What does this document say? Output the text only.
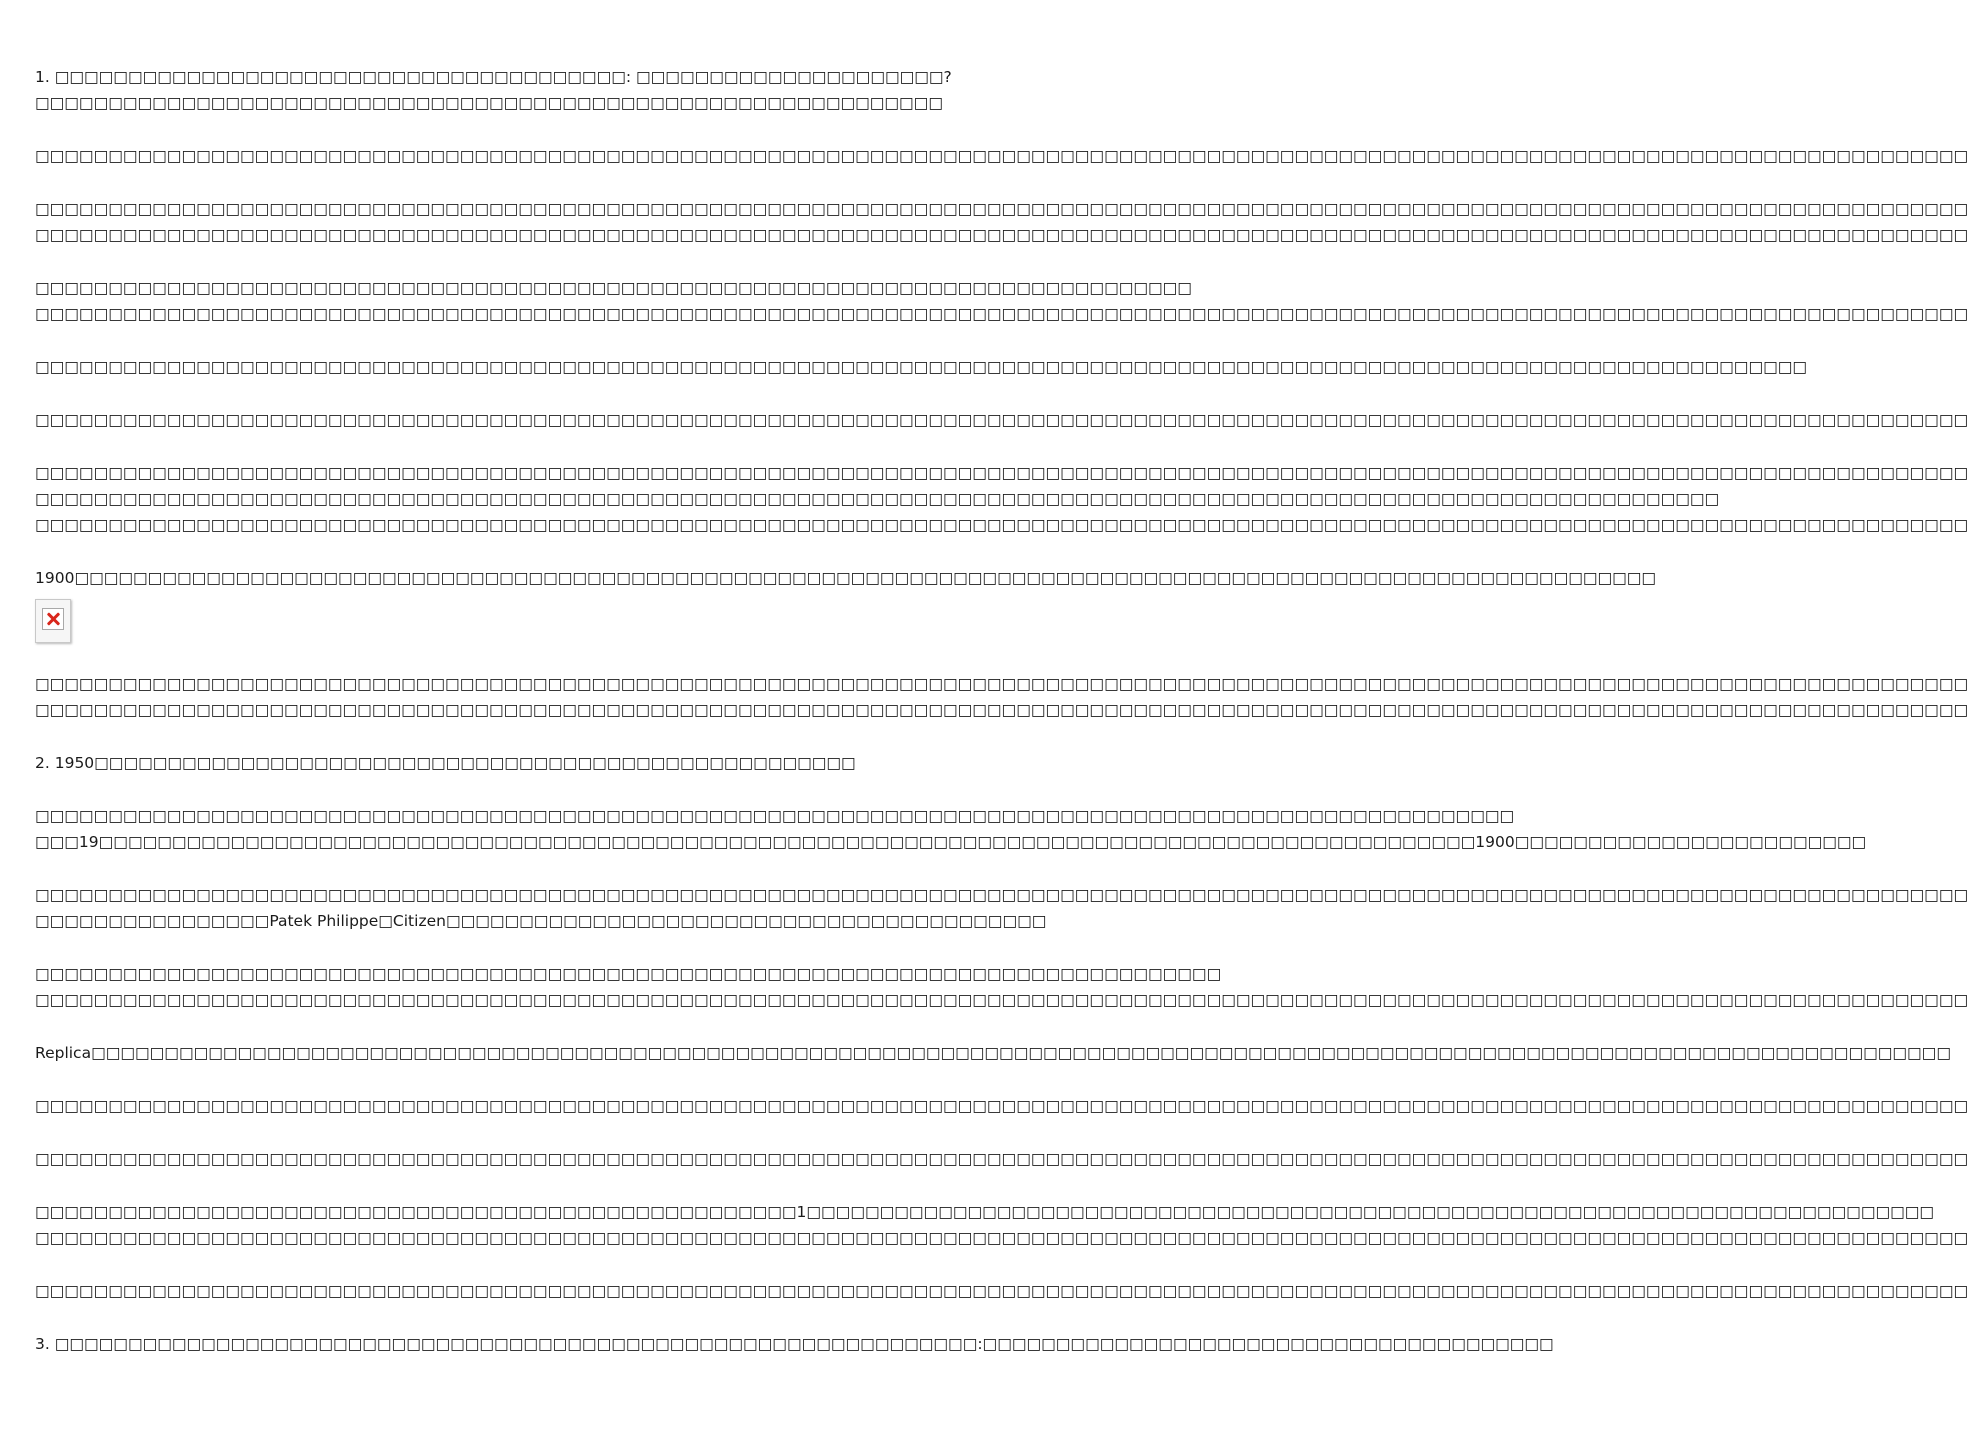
1. □□□□□□□□□□□□□□□□□□□□□□□□□□□□□□□□□□□□□□□: □□□□□□□□□□□□□□□□□□□□□?
□□□□□□□□□□□□□□□□□□□□□□□□□□□□□□□□□□□□□□□□□□□□□□□□□□□□□□□□□□□□□□
□□□□□□□□□□□□□□□□□□□□□□□□□□□□□□□□□□□□□□□□□□□□□□□□□□□□□□□□□□□□□□□□□□□□□□□□□□□□□□□□□□□□□□□□□□□□□□□□□□□□□□□□□□□□□□□□□□□□□□□□□□□□□□□□□□□□
□□□□□□□□□□□□□□□□□□□□□□□□□□□□□□□□□□□□□□□□□□□□□□□□□□□□□□□□□□□□□□□□□□□□□□□□□□□□□□□□□□□□□□□□□□□□□□□□□□□□□□□□□□□□□□□□□□□□□□□□□□□□□□□□□□□□
□□□□□□□□□□□□□□□□□□□□□□□□□□□□□□□□□□□□□□□□□□□□□□□□□□□□□□□□□□□□□□□□□□□□□□□□□□□□□□□□□□□□□□□□□□□□□□□□□□□□□□□□□□□□□□□□□□□□□□□□□□□□□□□□□□□□
□□□□□□□□□□□□□□□□□□□□□□□□□□□□□□□□□□□□□□□□□□□□□□□□□□□□□□□□□□□□□□□□□□□□□□□□□□□□□□□
□□□□□□□□□□□□□□□□□□□□□□□□□□□□□□□□□□□□□□□□□□□□□□□□□□□□□□□□□□□□□□□□□□□□□□□□□□□□□□□□□□□□□□□□□□□□□□□□□□□□□□□□□□□□□□□□□□□□□□□□□□□□□□□□□□□□
□□□□□□□□□□□□□□□□□□□□□□□□□□□□□□□□□□□□□□□□□□□□□□□□□□□□□□□□□□□□□□□□□□□□□□□□□□□□□□□□□□□□□□□□□□□□□□□□□□□□□□□□□□□□□□□□□□□□□□□□□
□□□□□□□□□□□□□□□□□□□□□□□□□□□□□□□□□□□□□□□□□□□□□□□□□□□□□□□□□□□□□□□□□□□□□□□□□□□□□□□□□□□□□□□□□□□□□□□□□□□□□□□□□□□□□□□□□□□□□□□□□□□□□□□□□□□□
□□□□□□□□□□□□□□□□□□□□□□□□□□□□□□□□□□□□□□□□□□□□□□□□□□□□□□□□□□□□□□□□□□□□□□□□□□□□□□□□□□□□□□□□□□□□□□□□□□□□□□□□□□□□□□□□□□□□□□□□□□□□□□□□□□□□
□□□□□□□□□□□□□□□□□□□□□□□□□□□□□□□□□□□□□□□□□□□□□□□□□□□□□□□□□□□□□□□□□□□□□□□□□□□□□□□□□□□□□□□□□□□□□□□□□□□□□□□□□□□□□□□□□□□
□□□□□□□□□□□□□□□□□□□□□□□□□□□□□□□□□□□□□□□□□□□□□□□□□□□□□□□□□□□□□□□□□□□□□□□□□□□□□□□□□□□□□□□□□□□□□□□□□□□□□□□□□□□□□□□□□□□□□□□□□□□□□□□□□□□□
1900□□□□□□□□□□□□□□□□□□□□□□□□□□□□□□□□□□□□□□□□□□□□□□□□□□□□□□□□□□□□□□□□□□□□□□□□□□□□□□□□□□□□□□□□□□□□□□□□□□□□□□□□□□□□
□□□□□□□□□□□□□□□□□□□□□□□□□□□□□□□□□□□□□□□□□□□□□□□□□□□□□□□□□□□□□□□□□□□□□□□□□□□□□□□□□□□□□□□□□□□□□□□□□□□□□□□□□□□□□□□□□□□□□□□□□□□□□□□□□□□□
□□□□□□□□□□□□□□□□□□□□□□□□□□□□□□□□□□□□□□□□□□□□□□□□□□□□□□□□□□□□□□□□□□□□□□□□□□□□□□□□□□□□□□□□□□□□□□□□□□□□□□□□□□□□□□□□□□□□□□□□□□□□□□□□□□□□
2. 1950□□□□□□□□□□□□□□□□□□□□□□□□□□□□□□□□□□□□□□□□□□□□□□□□□□□□
□□□□□□□□□□□□□□□□□□□□□□□□□□□□□□□□□□□□□□□□□□□□□□□□□□□□□□□□□□□□□□□□□□□□□□□□□□□□□□□□□□□□□□□□□□□□□□□□□□□□□
□□□19□□□□□□□□□□□□□□□□□□□□□□□□□□□□□□□□□□□□□□□□□□□□□□□□□□□□□□□□□□□□□□□□□□□□□□□□□□□□□□□□□□□□□□□□□□□□□□1900□□□□□□□□□□□□□□□□□□□□□□□□
□□□□□□□□□□□□□□□□□□□□□□□□□□□□□□□□□□□□□□□□□□□□□□□□□□□□□□□□□□□□□□□□□□□□□□□□□□□□□□□□□□□□□□□□□□□□□□□□□□□□□□□□□□□□□□□□□□□□□□□□□□□□□□□□□□□□
□□□□□□□□□□□□□□□□Patek Philippe□Citizen□□□□□□□□□□□□□□□□□□□□□□□□□□□□□□□□□□□□□□□□□
□□□□□□□□□□□□□□□□□□□□□□□□□□□□□□□□□□□□□□□□□□□□□□□□□□□□□□□□□□□□□□□□□□□□□□□□□□□□□□□□□
□□□□□□□□□□□□□□□□□□□□□□□□□□□□□□□□□□□□□□□□□□□□□□□□□□□□□□□□□□□□□□□□□□□□□□□□□□□□□□□□□□□□□□□□□□□□□□□□□□□□□□□□□□□□□□□□□□□□□□□□□□□□□□□□□□□□
Replica□□□□□□□□□□□□□□□□□□□□□□□□□□□□□□□□□□□□□□□□□□□□□□□□□□□□□□□□□□□□□□□□□□□□□□□□□□□□□□□□□□□□□□□□□□□□□□□□□□□□□□□□□□□□□□□□□□□□□□□□□□□□□□□
□□□□□□□□□□□□□□□□□□□□□□□□□□□□□□□□□□□□□□□□□□□□□□□□□□□□□□□□□□□□□□□□□□□□□□□□□□□□□□□□□□□□□□□□□□□□□□□□□□□□□□□□□□□□□□□□□□□□□□□□□□□□□□□□□□□□
□□□□□□□□□□□□□□□□□□□□□□□□□□□□□□□□□□□□□□□□□□□□□□□□□□□□□□□□□□□□□□□□□□□□□□□□□□□□□□□□□□□□□□□□□□□□□□□□□□□□□□□□□□□□□□□□□□□□□□□□□□□□□□□□□□□□
□□□□□□□□□□□□□□□□□□□□□□□□□□□□□□□□□□□□□□□□□□□□□□□□□□□□1□□□□□□□□□□□□□□□□□□□□□□□□□□□□□□□□□□□□□□□□□□□□□□□□□□□□□□□□□□□□□□□□□□□□□□□□□□□□□
□□□□□□□□□□□□□□□□□□□□□□□□□□□□□□□□□□□□□□□□□□□□□□□□□□□□□□□□□□□□□□□□□□□□□□□□□□□□□□□□□□□□□□□□□□□□□□□□□□□□□□□□□□□□□□□□□□□□□□□□□□□□□□□□□□□□
□□□□□□□□□□□□□□□□□□□□□□□□□□□□□□□□□□□□□□□□□□□□□□□□□□□□□□□□□□□□□□□□□□□□□□□□□□□□□□□□□□□□□□□□□□□□□□□□□□□□□□□□□□□□□□□□□□□□□□□□□□□□□□□□□□□□
3. □□□□□□□□□□□□□□□□□□□□□□□□□□□□□□□□□□□□□□□□□□□□□□□□□□□□□□□□□□□□□□□:□□□□□□□□□□□□□□□□□□□□□□□□□□□□□□□□□□□□□□□
